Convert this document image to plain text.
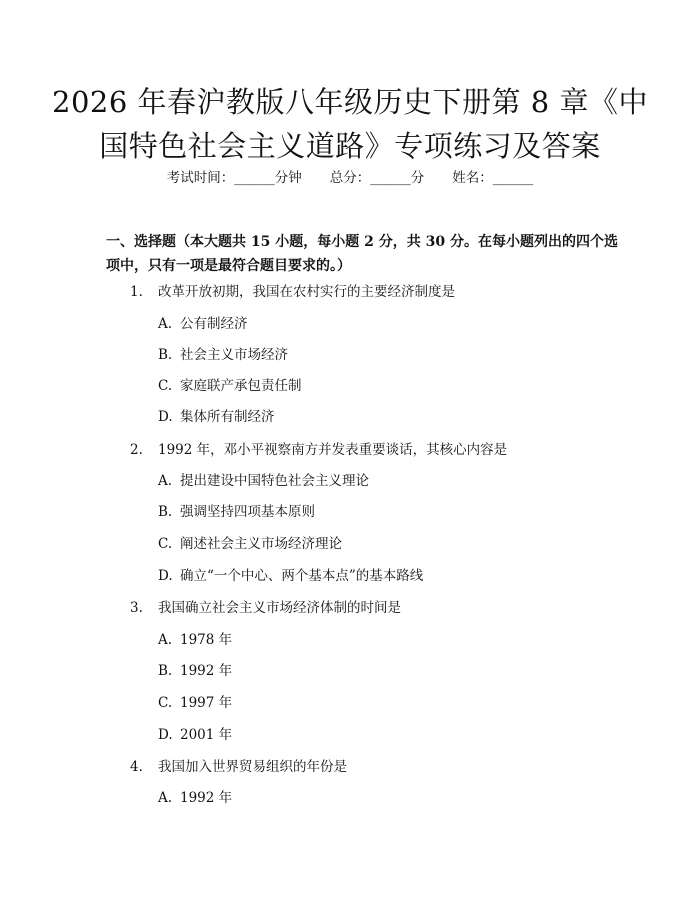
2026 年春沪教版八年级历史下册第 8 章《中
国特色社会主义道路》专项练习及答案
考试时间：______分钟 总分：______分 姓名：______
一、选择题（本大题共 15 小题，每小题 2 分，共 30 分。在每小题列出的四个选
项中，只有一项是最符合题目要求的。）
1. 改革开放初期，我国在农村实行的主要经济制度是
A. 公有制经济
B. 社会主义市场经济
C. 家庭联产承包责任制
D. 集体所有制经济
2. 1992 年，邓小平视察南方并发表重要谈话，其核心内容是
A. 提出建设中国特色社会主义理论
B. 强调坚持四项基本原则
C. 阐述社会主义市场经济理论
D. 确立“一个中心、两个基本点”的基本路线
3. 我国确立社会主义市场经济体制的时间是
A. 1978 年
B. 1992 年
C. 1997 年
D. 2001 年
4. 我国加入世界贸易组织的年份是
A. 1992 年
